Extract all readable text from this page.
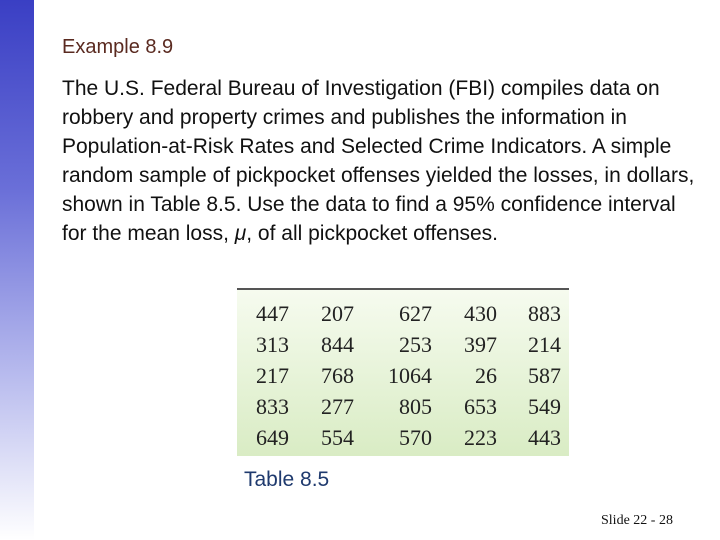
Example 8.9
The U.S. Federal Bureau of Investigation (FBI) compiles data on robbery and property crimes and publishes the information in Population-at-Risk Rates and Selected Crime Indicators. A simple random sample of pickpocket offenses yielded the losses, in dollars, shown in Table 8.5. Use the data to find a 95% confidence interval for the mean loss, μ, of all pickpocket offenses.
447	207	627	430	883
313	844	253	397	214
217	768	1064	26	587
833	277	805	653	549
649	554	570	223	443
Table 8.5
Slide 22 - 28
